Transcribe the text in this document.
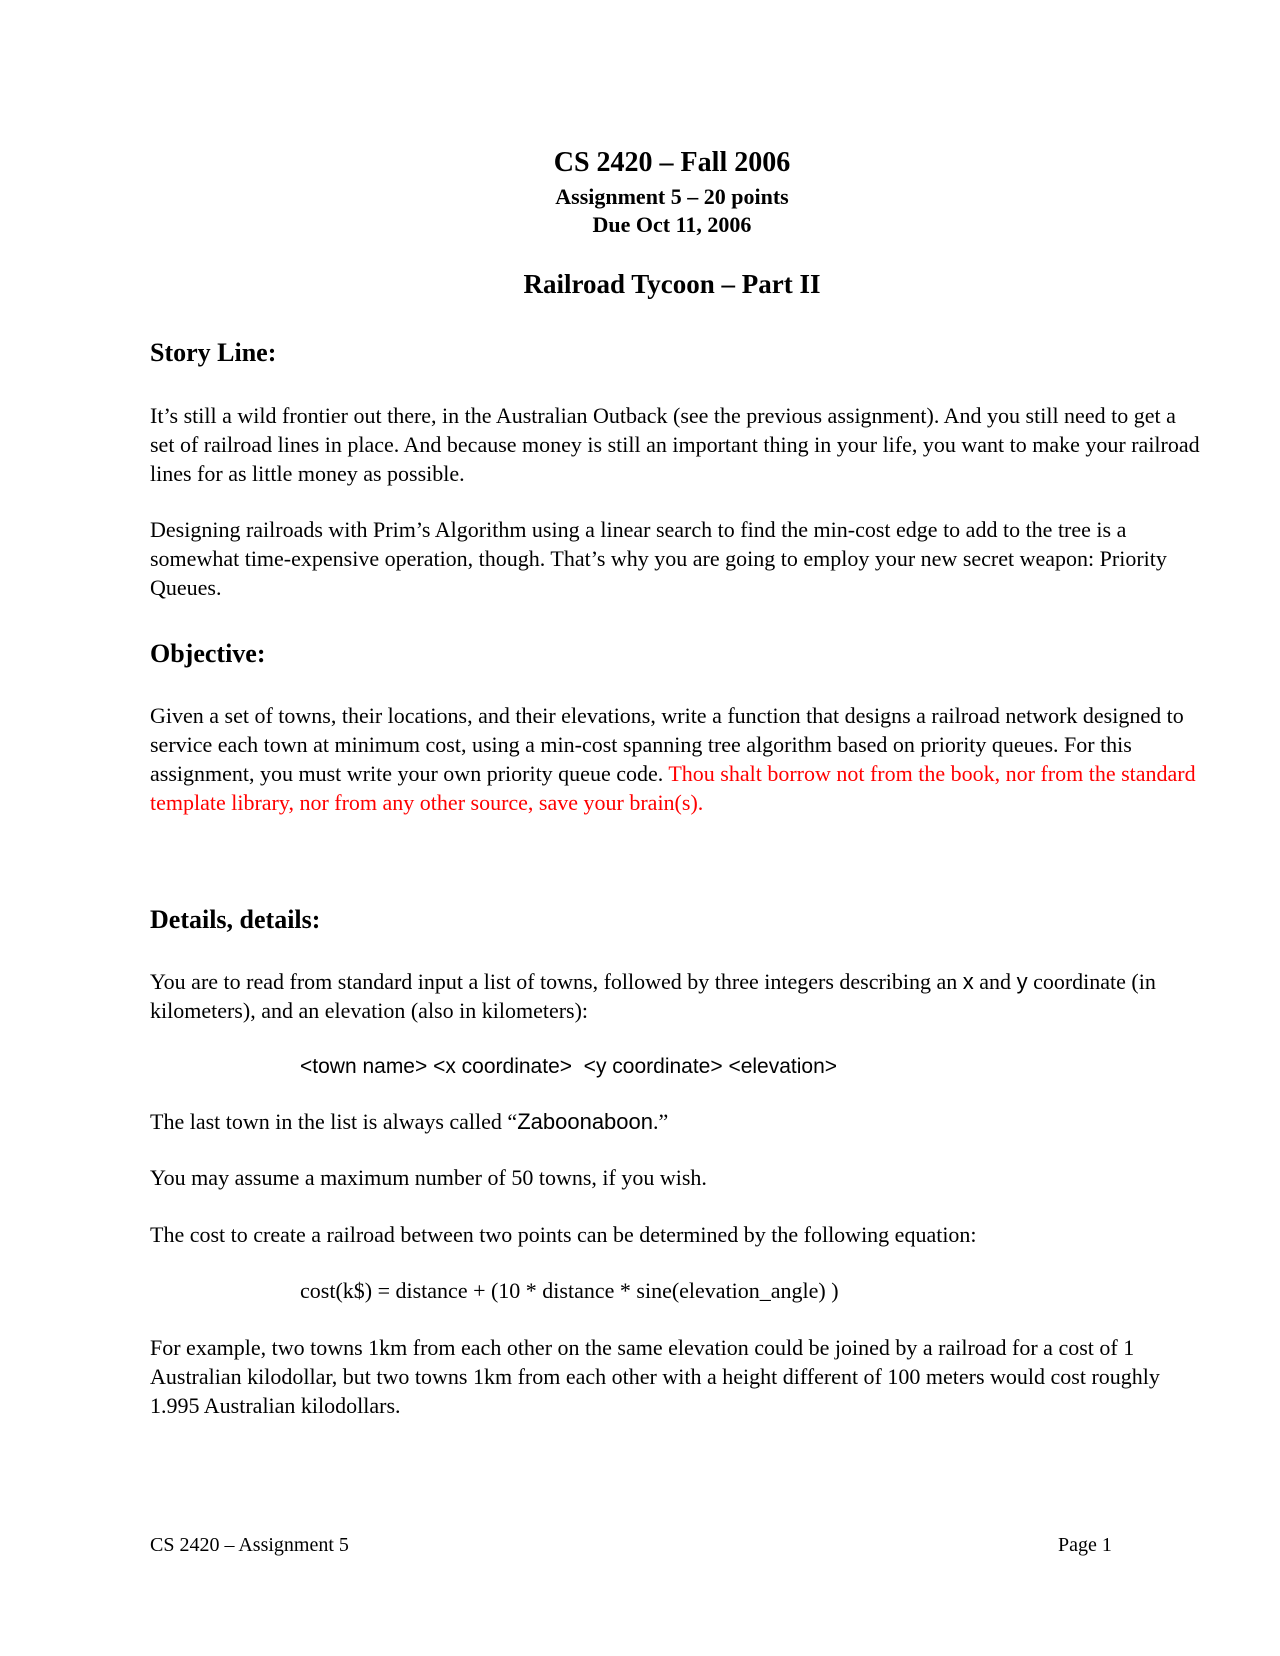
CS 2420 – Fall 2006
Assignment 5 – 20 points
Due Oct 11, 2006
Railroad Tycoon – Part II
Story Line:

It’s still a wild frontier out there, in the Australian Outback (see the previous assignment). And you still need to get a set of railroad lines in place. And because money is still an important thing in your life, you want to make your railroad lines for as little money as possible.

Designing railroads with Prim’s Algorithm using a linear search to find the min-cost edge to add to the tree is a somewhat time-expensive operation, though. That’s why you are going to employ your new secret weapon: Priority Queues.

Objective:

Given a set of towns, their locations, and their elevations, write a function that designs a railroad network designed to service each town at minimum cost, using a min-cost spanning tree algorithm based on priority queues. For this assignment, you must write your own priority queue code. Thou shalt borrow not from the book, nor from the standard template library, nor from any other source, save your brain(s).

Details, details:

You are to read from standard input a list of towns, followed by three integers describing an x and y coordinate (in kilometers), and an elevation (also in kilometers):

<town name> <x coordinate>  <y coordinate> <elevation>

The last town in the list is always called “Zaboonaboon.”

You may assume a maximum number of 50 towns, if you wish.

The cost to create a railroad between two points can be determined by the following equation:

cost(k$) = distance + (10 * distance * sine(elevation_angle) )

For example, two towns 1km from each other on the same elevation could be joined by a railroad for a cost of 1 Australian kilodollar, but two towns 1km from each other with a height different of 100 meters would cost roughly 1.995 Australian kilodollars.

CS 2420 – Assignment 5	Page 1
